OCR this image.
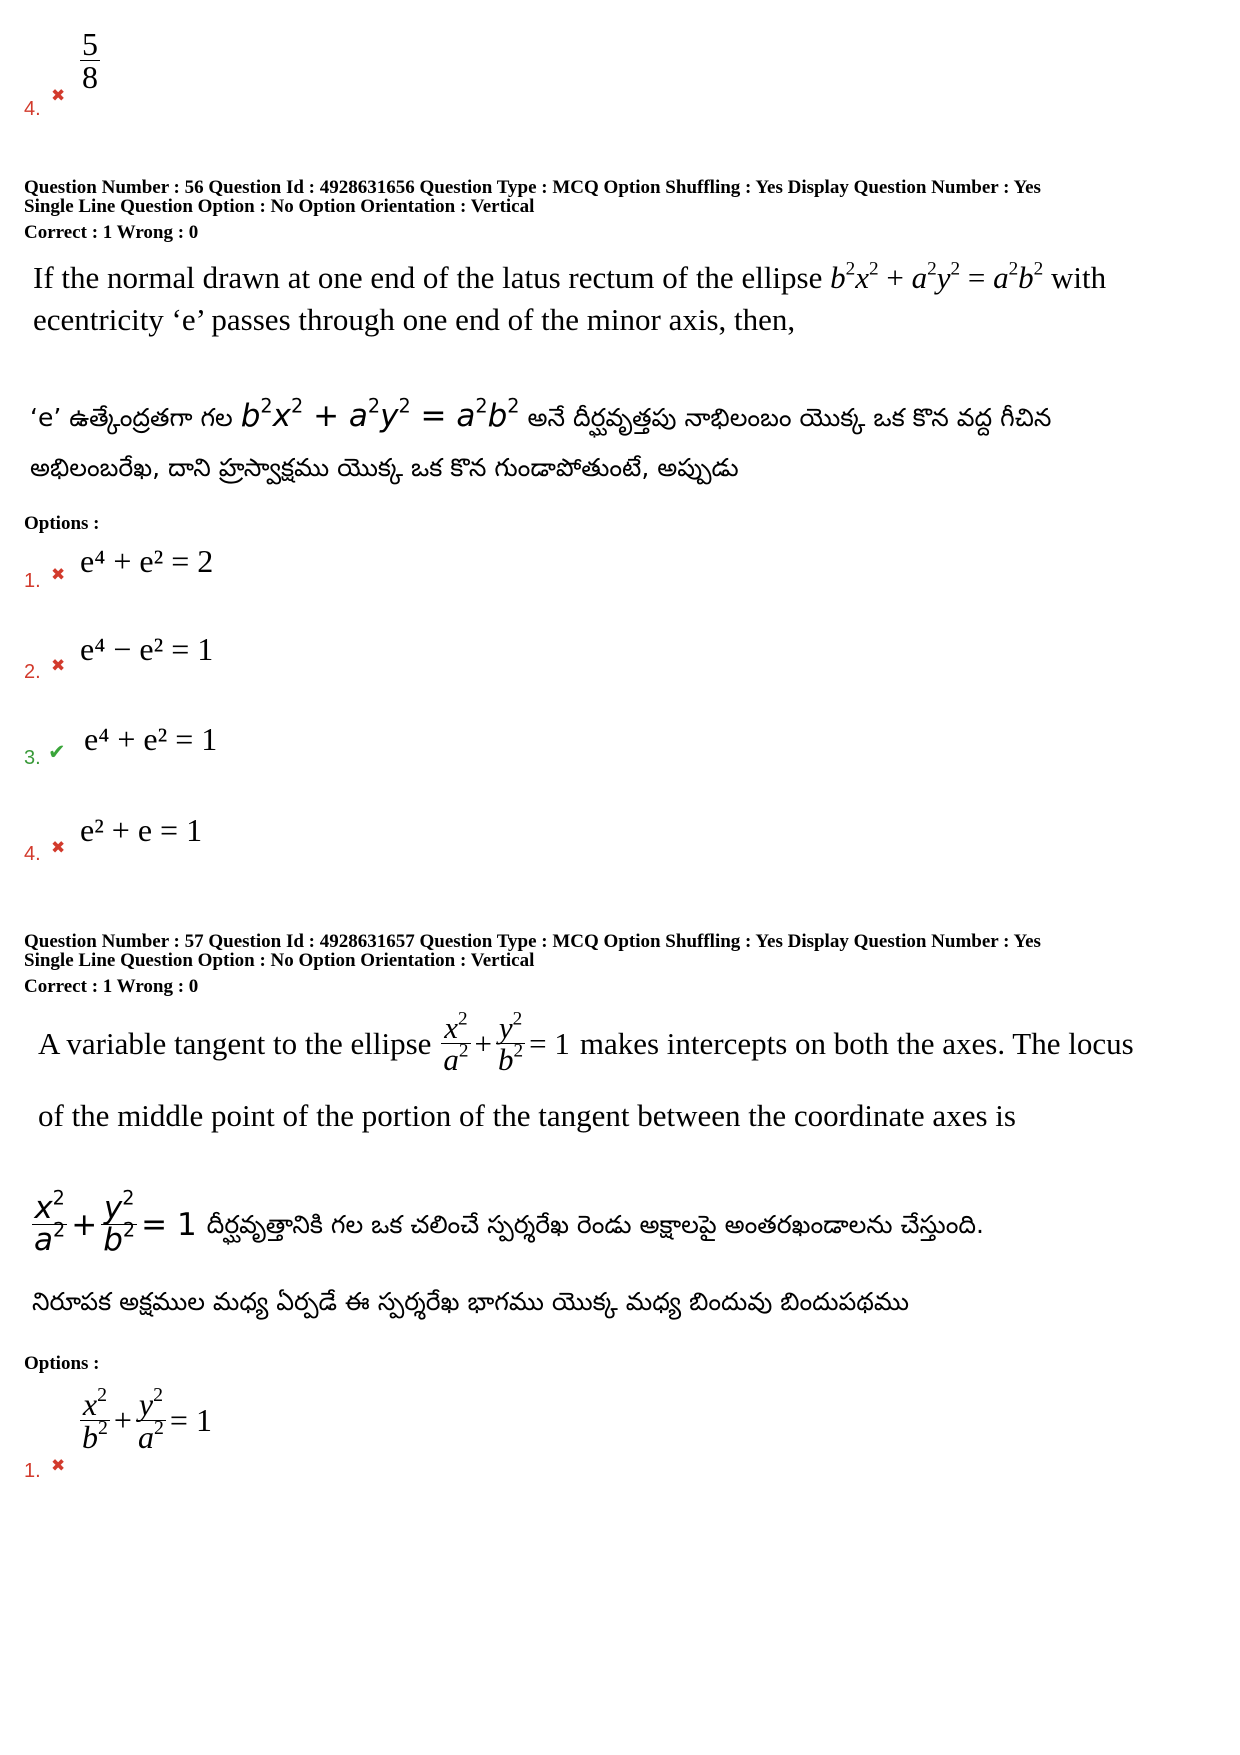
4.
✖
$\frac{5}{8}$
Question Number : 56 Question Id : 4928631656 Question Type : MCQ Option Shuffling : Yes Display Question Number : Yes
Single Line Question Option : No Option Orientation : Vertical
Correct : 1 Wrong : 0
If the normal drawn at one end of the latus rectum of the ellipse $b^2x^2 + a^2y^2 = a^2b^2$ with
ecentricity ‘e’ passes through one end of the minor axis, then,
‘e’ ఉత్కేంద్రతగా గల $b^2x^2 + a^2y^2 = a^2b^2$ అనే దీర్ఘవృత్తపు నాభిలంబం యొక్క ఒక కొన వద్ద గీచిన
అభిలంబరేఖ, దాని హ్రస్వాక్షము యొక్క ఒక కొన గుండాపోతుంటే, అప్పుడు
Options :
1. ✖ e⁴ + e² = 2
2. ✖ e⁴ − e² = 1
3. ✔ e⁴ + e² = 1
4. ✖ e² + e = 1
Question Number : 57 Question Id : 4928631657 Question Type : MCQ Option Shuffling : Yes Display Question Number : Yes
Single Line Question Option : No Option Orientation : Vertical
Correct : 1 Wrong : 0
A variable tangent to the ellipse $\frac{x^2}{a^2} + \frac{y^2}{b^2} = 1$ makes intercepts on both the axes. The locus
of the middle point of the portion of the tangent between the coordinate axes is
$\frac{x^2}{a^2} + \frac{y^2}{b^2} = 1$ దీర్ఘవృత్తానికి గల ఒక చలించే స్పర్శరేఖ రెండు అక్షాలపై అంతరఖండాలను చేస్తుంది.
నిరూపక అక్షముల మధ్య ఏర్పడే ఈ స్పర్శరేఖ భాగము యొక్క మధ్య బిందువు బిందుపథము
Options :
1. ✖
$\frac{x^2}{b^2} + \frac{y^2}{a^2} = 1$
